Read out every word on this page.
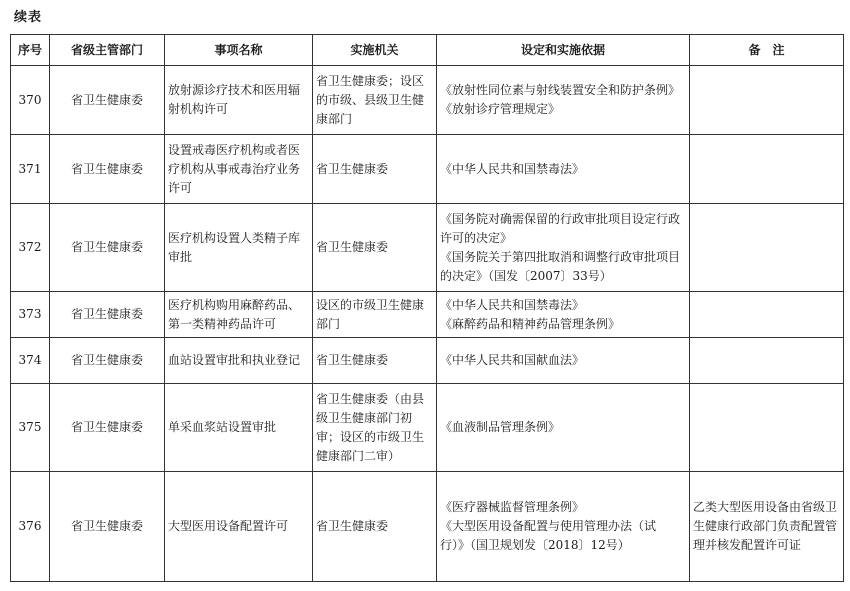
续表
序号	省级主管部门	事项名称	实施机关	设定和实施依据	备　注
370	省卫生健康委	放射源诊疗技术和医用辐射机构许可	省卫生健康委；设区的市级、县级卫生健康部门	《放射性同位素与射线装置安全和防护条例》
《放射诊疗管理规定》	

371	省卫生健康委	设置戒毒医疗机构或者医疗机构从事戒毒治疗业务许可	省卫生健康委	《中华人民共和国禁毒法》	

372	省卫生健康委	医疗机构设置人类精子库审批	省卫生健康委	《国务院对确需保留的行政审批项目设定行政许可的决定》
《国务院关于第四批取消和调整行政审批项目的决定》（国发〔2007〕33号）	

373	省卫生健康委	医疗机构购用麻醉药品、第一类精神药品许可	设区的市级卫生健康部门	《中华人民共和国禁毒法》
《麻醉药品和精神药品管理条例》	

374	省卫生健康委	血站设置审批和执业登记	省卫生健康委	《中华人民共和国献血法》	

375	省卫生健康委	单采血浆站设置审批	省卫生健康委（由县级卫生健康部门初审；设区的市级卫生健康部门二审）	《血液制品管理条例》	

376	省卫生健康委	大型医用设备配置许可	省卫生健康委	《医疗器械监督管理条例》
《大型医用设备配置与使用管理办法（试行）》（国卫规划发〔2018〕12号）	乙类大型医用设备由省级卫生健康行政部门负责配置管理并核发配置许可证
